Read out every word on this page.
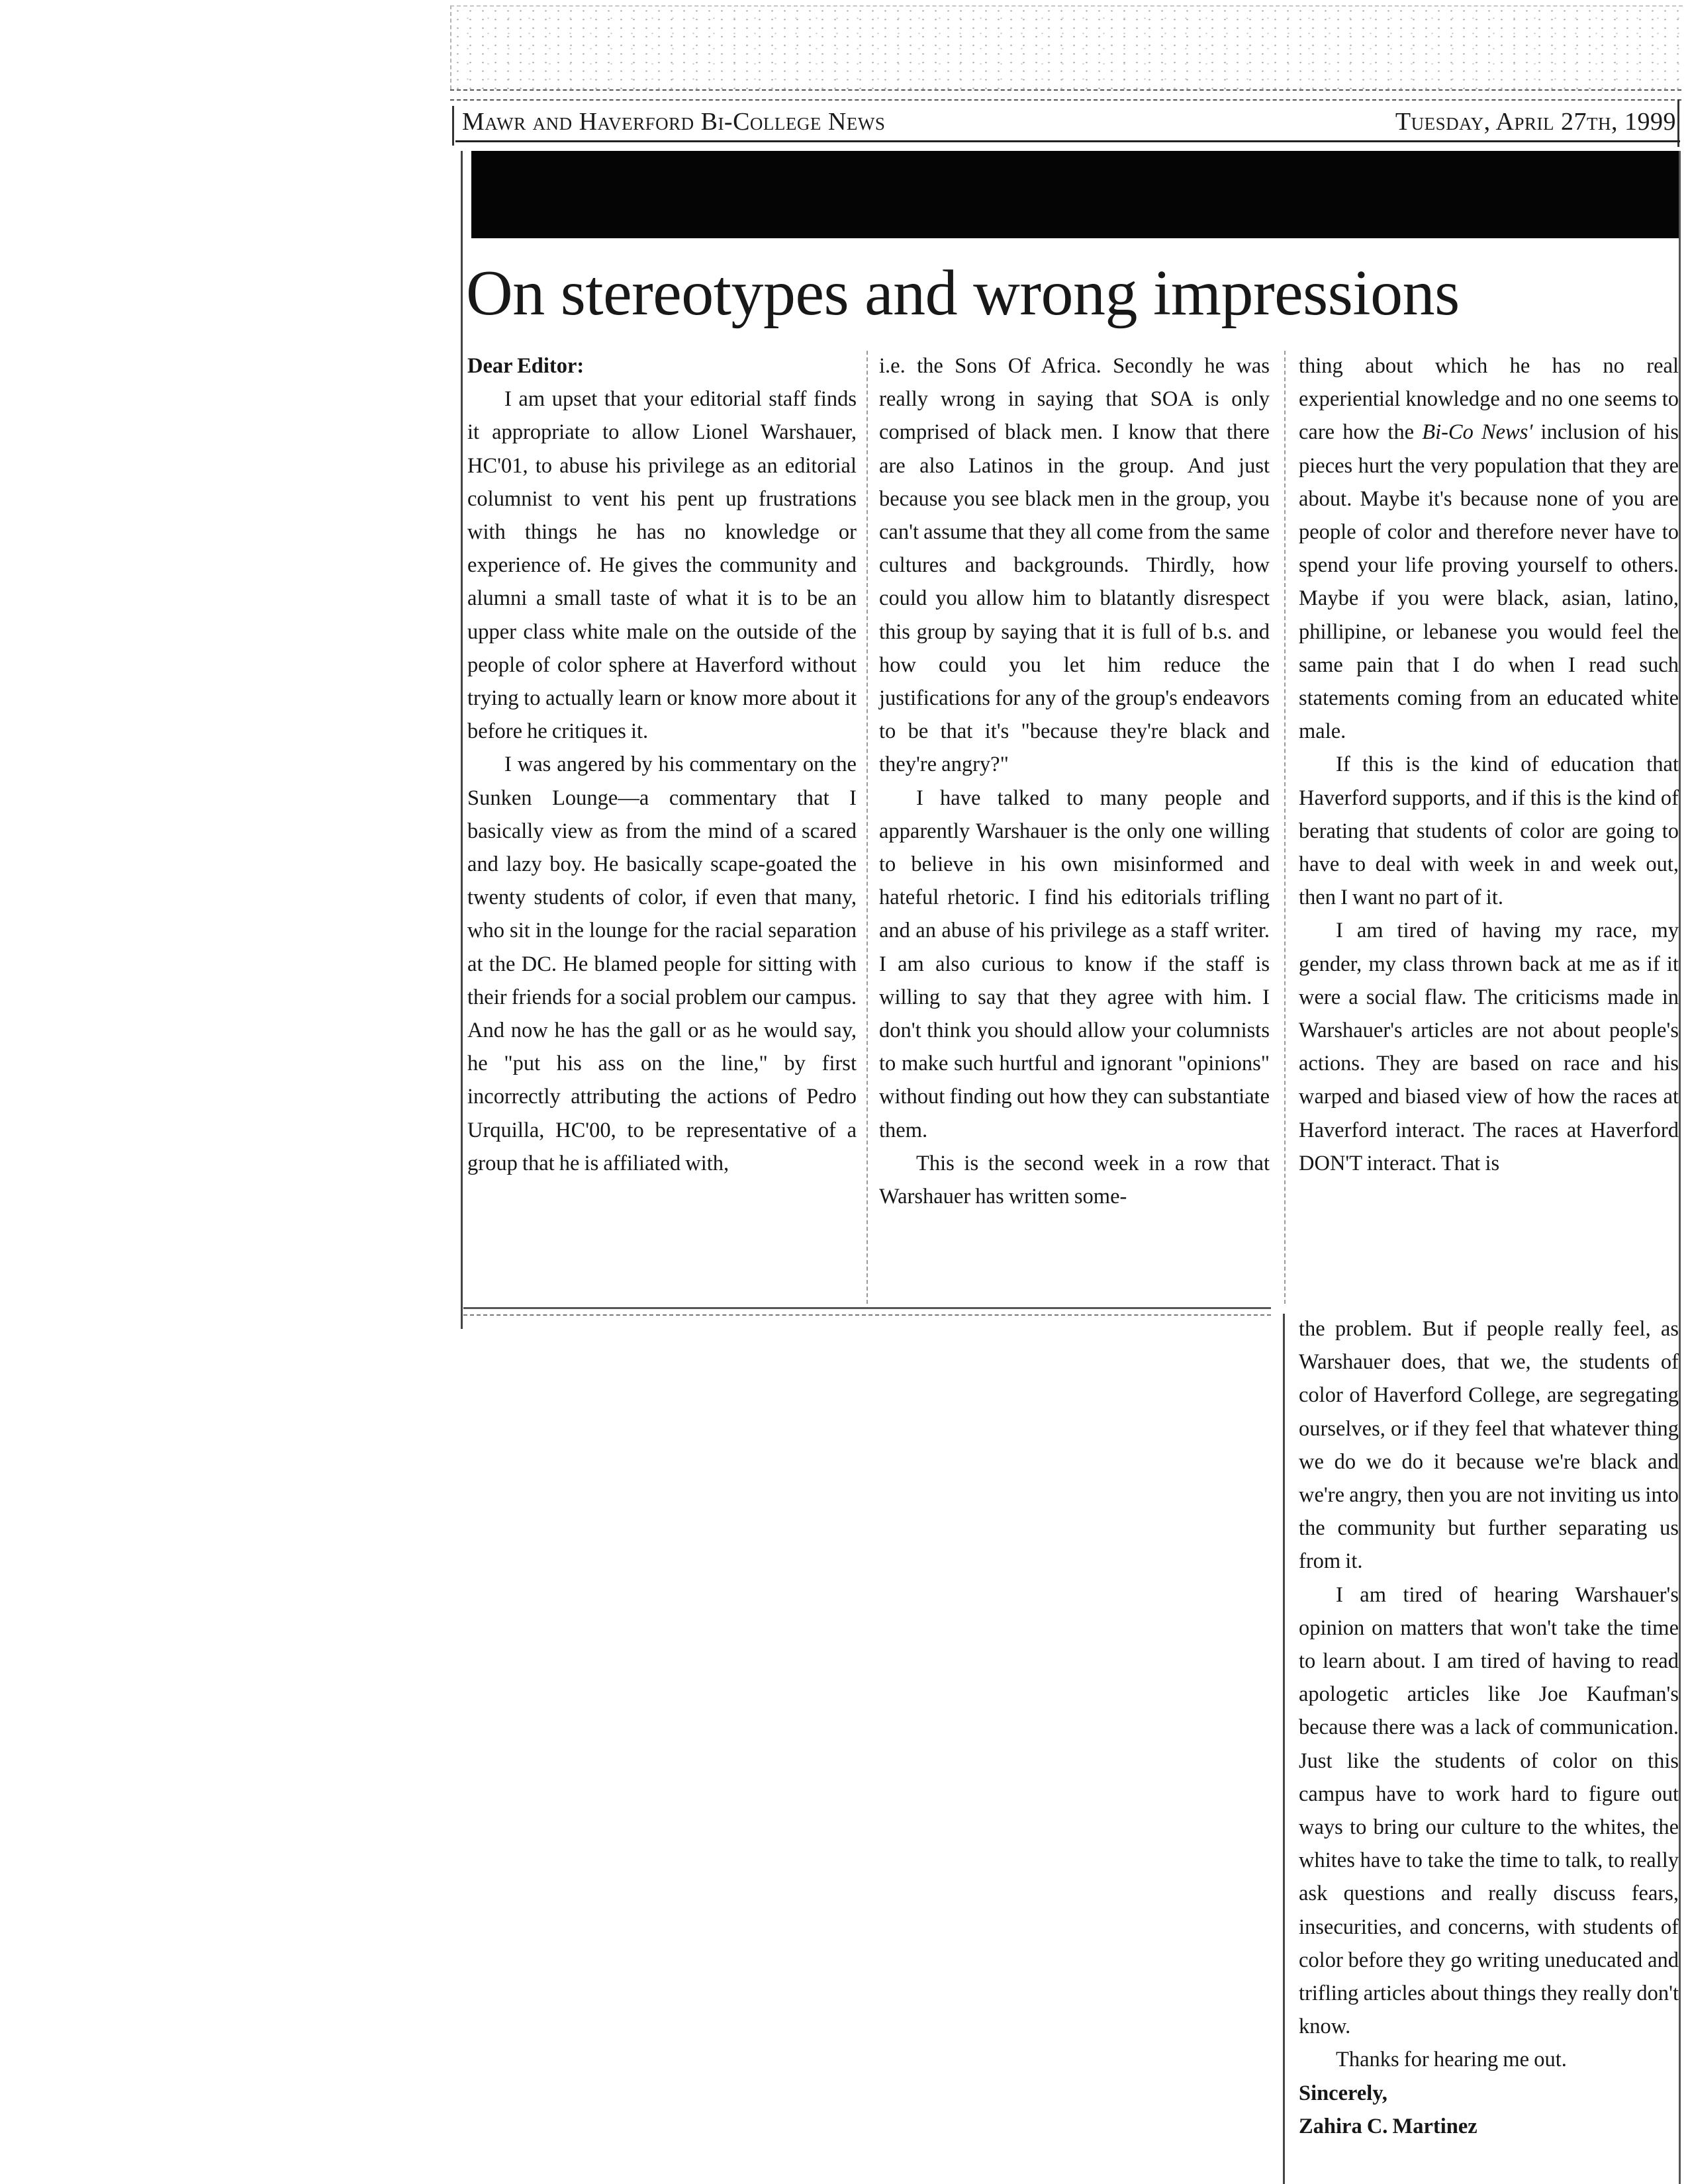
Mawr and Haverford Bi-College News	Tuesday, April 27th, 1999
On stereotypes and wrong impressions

Dear Editor:

I am upset that your editorial staff finds it appropriate to allow Lionel Warshauer, HC'01, to abuse his privilege as an editorial columnist to vent his pent up frustrations with things he has no knowledge or experience of. He gives the community and alumni a small taste of what it is to be an upper class white male on the outside of the people of color sphere at Haverford without trying to actually learn or know more about it before he critiques it.

I was angered by his commentary on the Sunken Lounge—a commentary that I basically view as from the mind of a scared and lazy boy. He basically scape-goated the twenty students of color, if even that many, who sit in the lounge for the racial separation at the DC. He blamed people for sitting with their friends for a social problem our campus. And now he has the gall or as he would say, he "put his ass on the line," by first incorrectly attributing the actions of Pedro Urquilla, HC'00, to be representative of a group that he is affiliated with,

i.e. the Sons Of Africa. Secondly he was really wrong in saying that SOA is only comprised of black men. I know that there are also Latinos in the group. And just because you see black men in the group, you can't assume that they all come from the same cultures and backgrounds. Thirdly, how could you allow him to blatantly disrespect this group by saying that it is full of b.s. and how could you let him reduce the justifications for any of the group's endeavors to be that it's "because they're black and they're angry?"

I have talked to many people and apparently Warshauer is the only one willing to believe in his own misinformed and hateful rhetoric. I find his editorials trifling and an abuse of his privilege as a staff writer. I am also curious to know if the staff is willing to say that they agree with him. I don't think you should allow your columnists to make such hurtful and ignorant "opinions" without finding out how they can substantiate them.

This is the second week in a row that Warshauer has written some-

thing about which he has no real experiential knowledge and no one seems to care how the Bi-Co News' inclusion of his pieces hurt the very population that they are about. Maybe it's because none of you are people of color and therefore never have to spend your life proving yourself to others. Maybe if you were black, asian, latino, phillipine, or lebanese you would feel the same pain that I do when I read such statements coming from an educated white male.

If this is the kind of education that Haverford supports, and if this is the kind of berating that students of color are going to have to deal with week in and week out, then I want no part of it.

I am tired of having my race, my gender, my class thrown back at me as if it were a social flaw. The criticisms made in Warshauer's articles are not about people's actions. They are based on race and his warped and biased view of how the races at Haverford interact. The races at Haverford DON'T interact. That is

the problem. But if people really feel, as Warshauer does, that we, the students of color of Haverford College, are segregating ourselves, or if they feel that whatever thing we do we do it because we're black and we're angry, then you are not inviting us into the community but further separating us from it.

I am tired of hearing Warshauer's opinion on matters that won't take the time to learn about. I am tired of having to read apologetic articles like Joe Kaufman's because there was a lack of communication. Just like the students of color on this campus have to work hard to figure out ways to bring our culture to the whites, the whites have to take the time to talk, to really ask questions and really discuss fears, insecurities, and concerns, with students of color before they go writing uneducated and trifling articles about things they really don't know.

Thanks for hearing me out.

Sincerely,

Zahira C. Martinez
